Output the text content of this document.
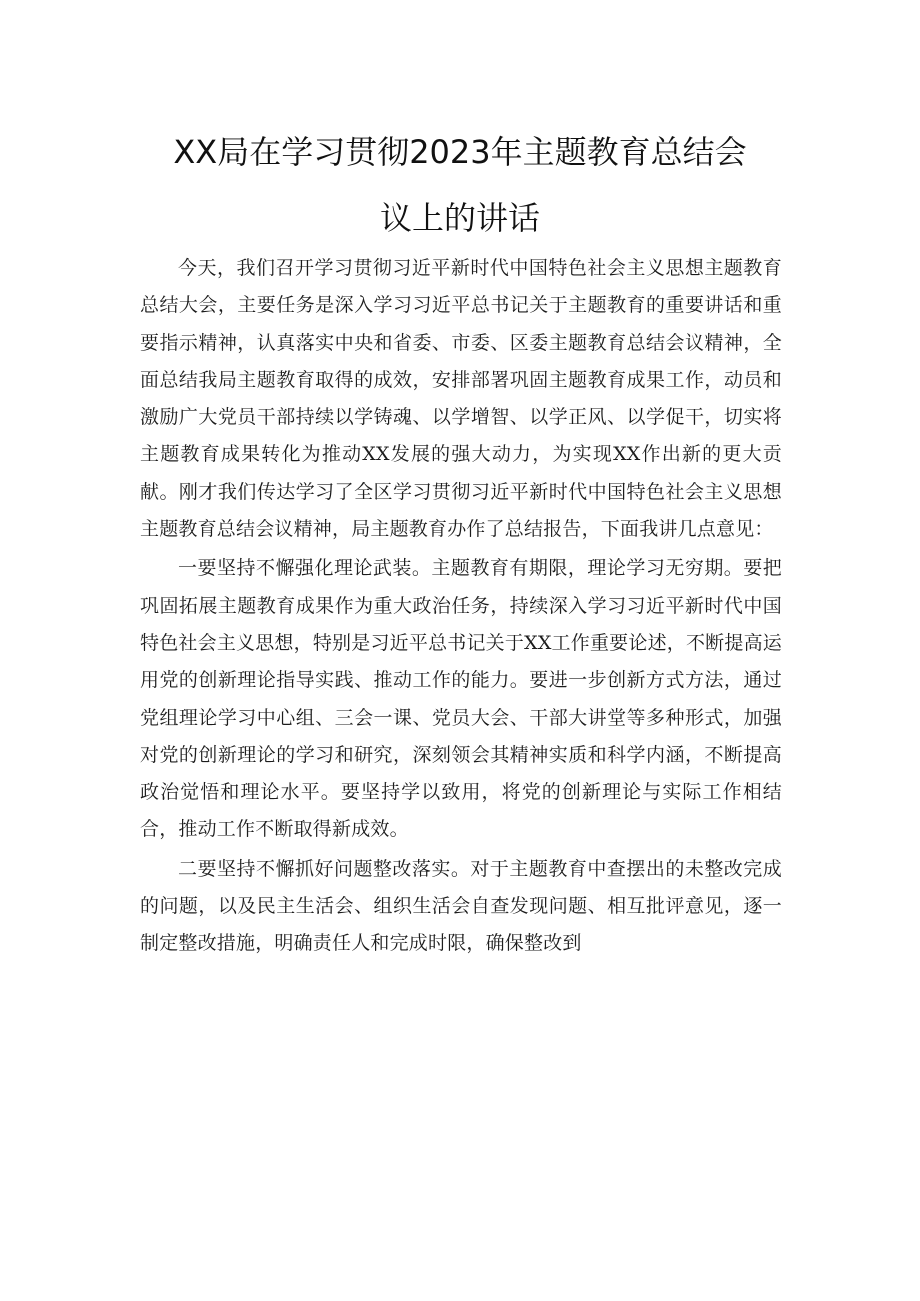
XX局在学习贯彻2023年主题教育总结会
议上的讲话

今天，我们召开学习贯彻习近平新时代中国特色社会主义思想主题教育总结大会，主要任务是深入学习习近平总书记关于主题教育的重要讲话和重要指示精神，认真落实中央和省委、市委、区委主题教育总结会议精神，全面总结我局主题教育取得的成效，安排部署巩固主题教育成果工作，动员和激励广大党员干部持续以学铸魂、以学增智、以学正风、以学促干，切实将主题教育成果转化为推动XX发展的强大动力，为实现XX作出新的更大贡献。刚才我们传达学习了全区学习贯彻习近平新时代中国特色社会主义思想主题教育总结会议精神，局主题教育办作了总结报告，下面我讲几点意见：

一要坚持不懈强化理论武装。主题教育有期限，理论学习无穷期。要把巩固拓展主题教育成果作为重大政治任务，持续深入学习习近平新时代中国特色社会主义思想，特别是习近平总书记关于XX工作重要论述，不断提高运用党的创新理论指导实践、推动工作的能力。要进一步创新方式方法，通过党组理论学习中心组、三会一课、党员大会、干部大讲堂等多种形式，加强对党的创新理论的学习和研究，深刻领会其精神实质和科学内涵，不断提高政治觉悟和理论水平。要坚持学以致用，将党的创新理论与实际工作相结合，推动工作不断取得新成效。

二要坚持不懈抓好问题整改落实。对于主题教育中查摆出的未整改完成的问题，以及民主生活会、组织生活会自查发现问题、相互批评意见，逐一制定整改措施，明确责任人和完成时限，确保整改到
